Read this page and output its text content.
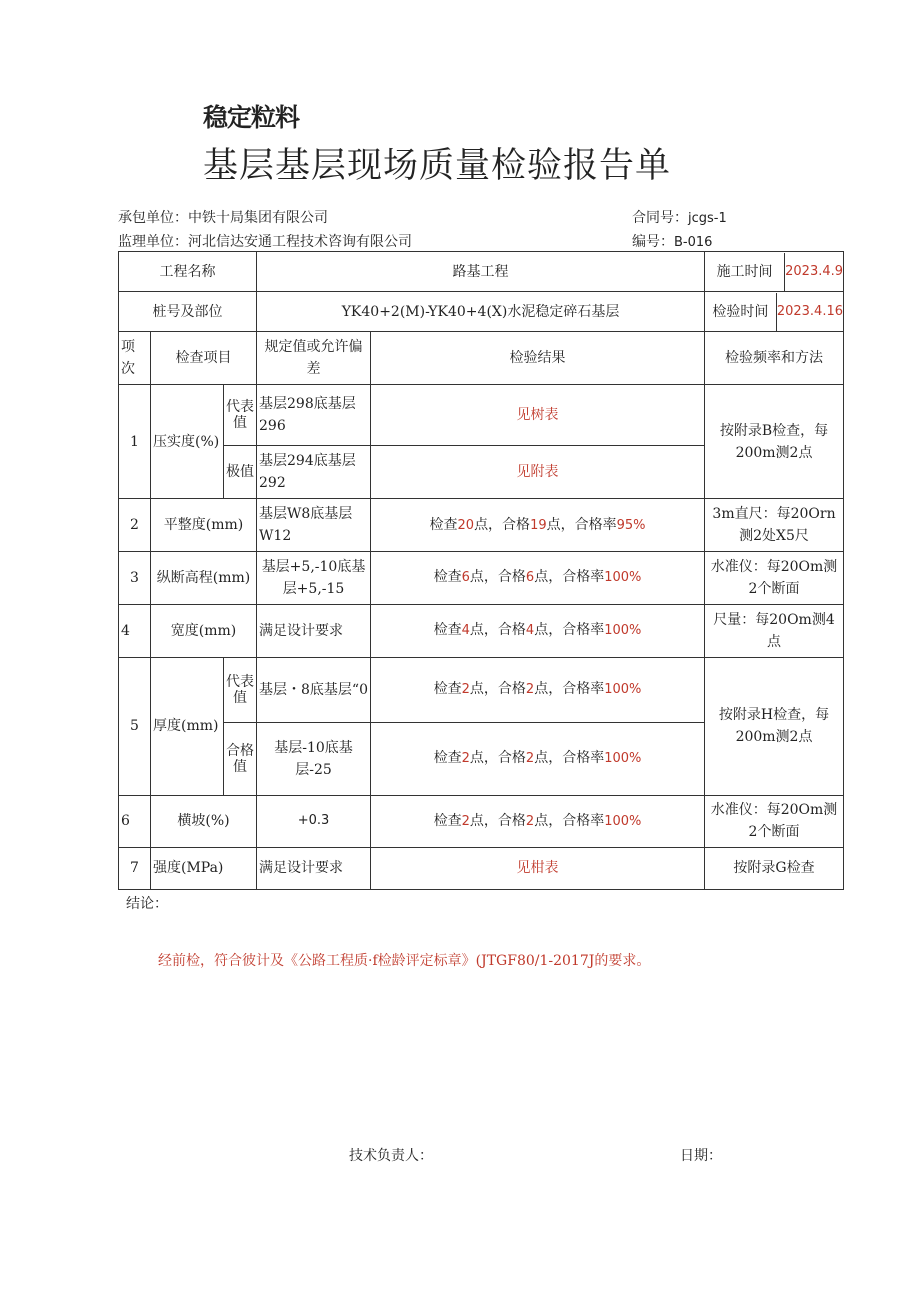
稳定粒料
基层基层现场质量检验报告单
承包单位：中铁十局集团有限公司	合同号：jcgs-1
监理单位：河北信达安通工程技术咨询有限公司	编号：B-016
工程名称			路基工程		施工时间 2023.4.9

桩号及部位			YK40+2(M)-YK40+4(X)水泥稳定碎石基层		检验时间 2023.4.16

项次	检查项目		规定值或允许偏差	检验结果	检验频率和方法
1	压实度(%)	代表值	基层298底基层296	见树表	按附录B检查，每200m测2点
		极值	基层294底基层292	见附表	
2	平整度(mm)		基层W8底基层W12	检查20点，合格19点，合格率95%	3m直尺：每20Orn测2处X5尺
3	纵断高程(mm)		基层+5,-10底基层+5,-15	检查6点，合格6点，合格率100%	水准仪：每20Om测2个断面
4	宽度(mm)		满足设计要求	检查4点，合格4点，合格率100%	尺量：每20Om测4点
5	厚度(mm)	代表值	基层・8底基层“0	检查2点，合格2点，合格率100%	按附录H检查，每200m测2点
		合格值	基层-10底基层-25	检查2点，合格2点，合格率100%	
6	横坡(%)		+0.3	检查2点，合格2点，合格率100%	水准仪：每20Om测2个断面
7	强度(MPa)		满足设计要求	见柑表	按附录G检查
结论：
经前检，符合彼计及《公路工程质·f检龄评定标章》(JTGF80/1-2017J的要求。
技术负责人：	日期：
